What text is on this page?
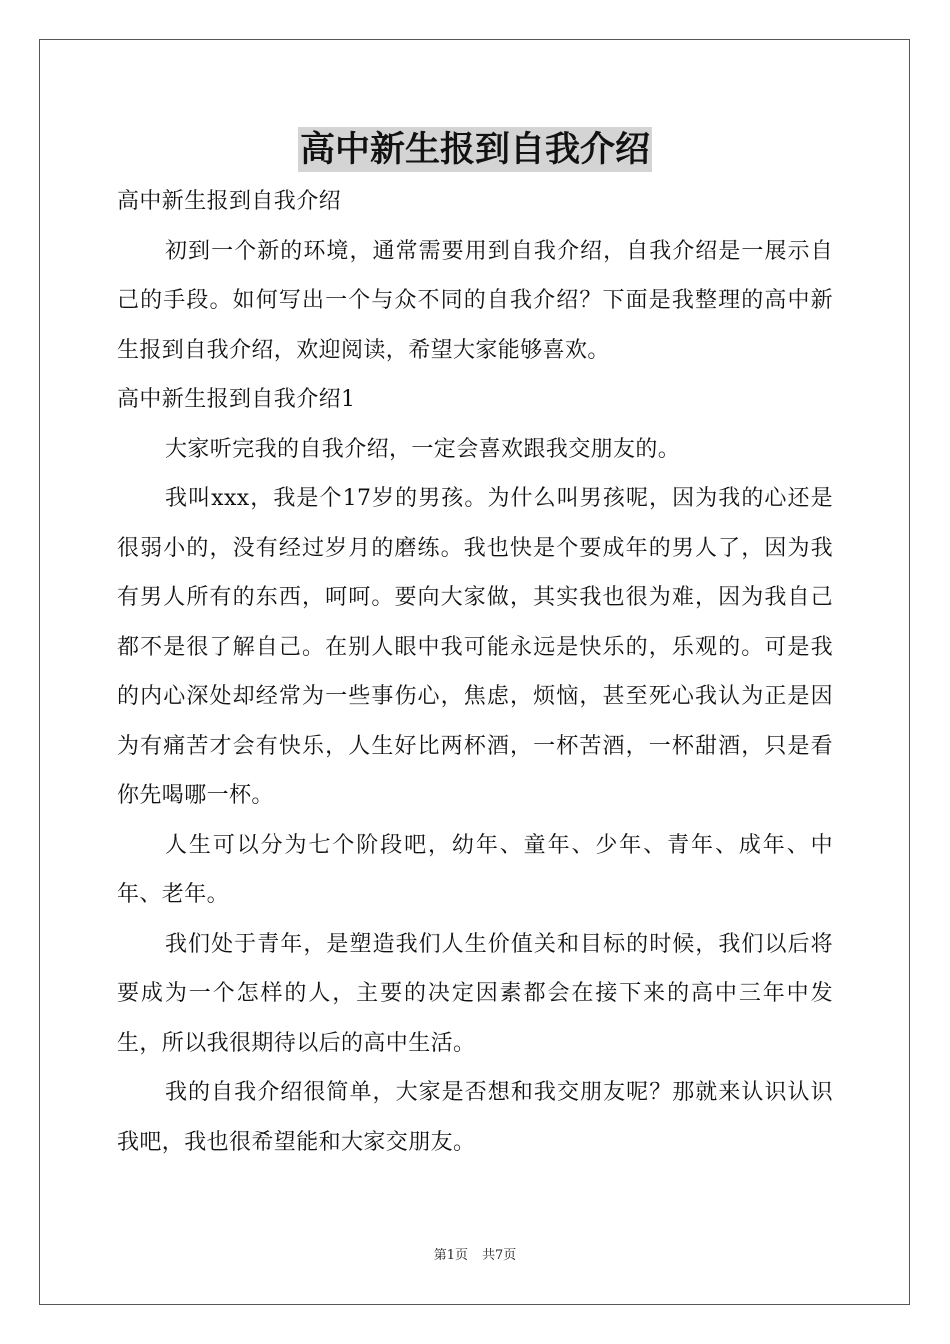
高中新生报到自我介绍

高中新生报到自我介绍

初到一个新的环境，通常需要用到自我介绍，自我介绍是一展示自己的手段。如何写出一个与众不同的自我介绍？下面是我整理的高中新生报到自我介绍，欢迎阅读，希望大家能够喜欢。

高中新生报到自我介绍1

大家听完我的自我介绍，一定会喜欢跟我交朋友的。

我叫xxx，我是个17岁的男孩。为什么叫男孩呢，因为我的心还是很弱小的，没有经过岁月的磨练。我也快是个要成年的男人了，因为我有男人所有的东西，呵呵。要向大家做，其实我也很为难，因为我自己都不是很了解自己。在别人眼中我可能永远是快乐的，乐观的。可是我的内心深处却经常为一些事伤心，焦虑，烦恼，甚至死心我认为正是因为有痛苦才会有快乐，人生好比两杯酒，一杯苦酒，一杯甜酒，只是看你先喝哪一杯。

人生可以分为七个阶段吧，幼年、童年、少年、青年、成年、中年、老年。

我们处于青年，是塑造我们人生价值关和目标的时候，我们以后将要成为一个怎样的人，主要的决定因素都会在接下来的高中三年中发生，所以我很期待以后的高中生活。

我的自我介绍很简单，大家是否想和我交朋友呢？那就来认识认识我吧，我也很希望能和大家交朋友。

第1页 共7页
